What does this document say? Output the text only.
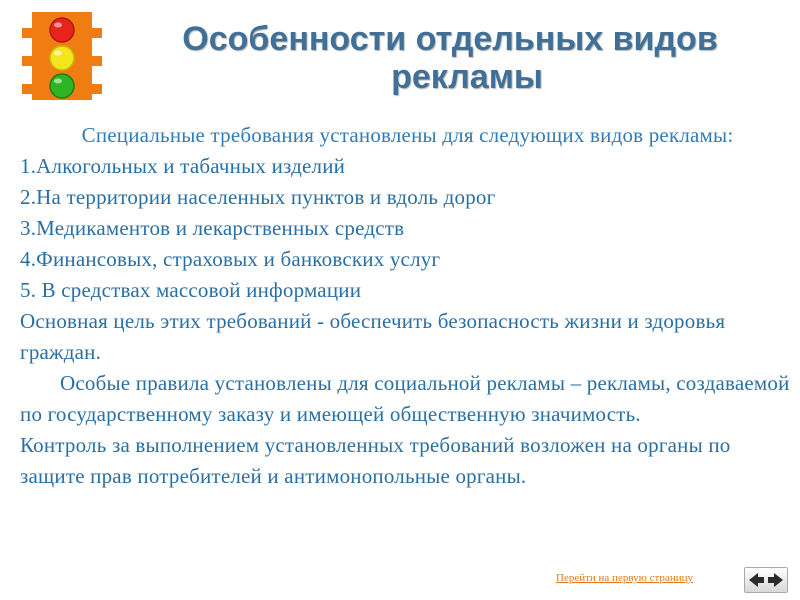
Особенности отдельных видов
рекламы

Специальные требования установлены для следующих видов рекламы:

1.Алкогольных и табачных изделий

2.На территории населенных пунктов и вдоль дорог

3.Медикаментов и лекарственных средств

4.Финансовых, страховых и банковских услуг

5. В средствах массовой информации

Основная цель этих требований - обеспечить безопасность жизни и здоровья граждан.

Особые правила установлены для социальной рекламы – рекламы, создаваемой по государственному заказу и имеющей общественную значимость.

Контроль за выполнением установленных требований возложен на органы по защите прав потребителей и антимонопольные органы.

Перейти на первую страницу
